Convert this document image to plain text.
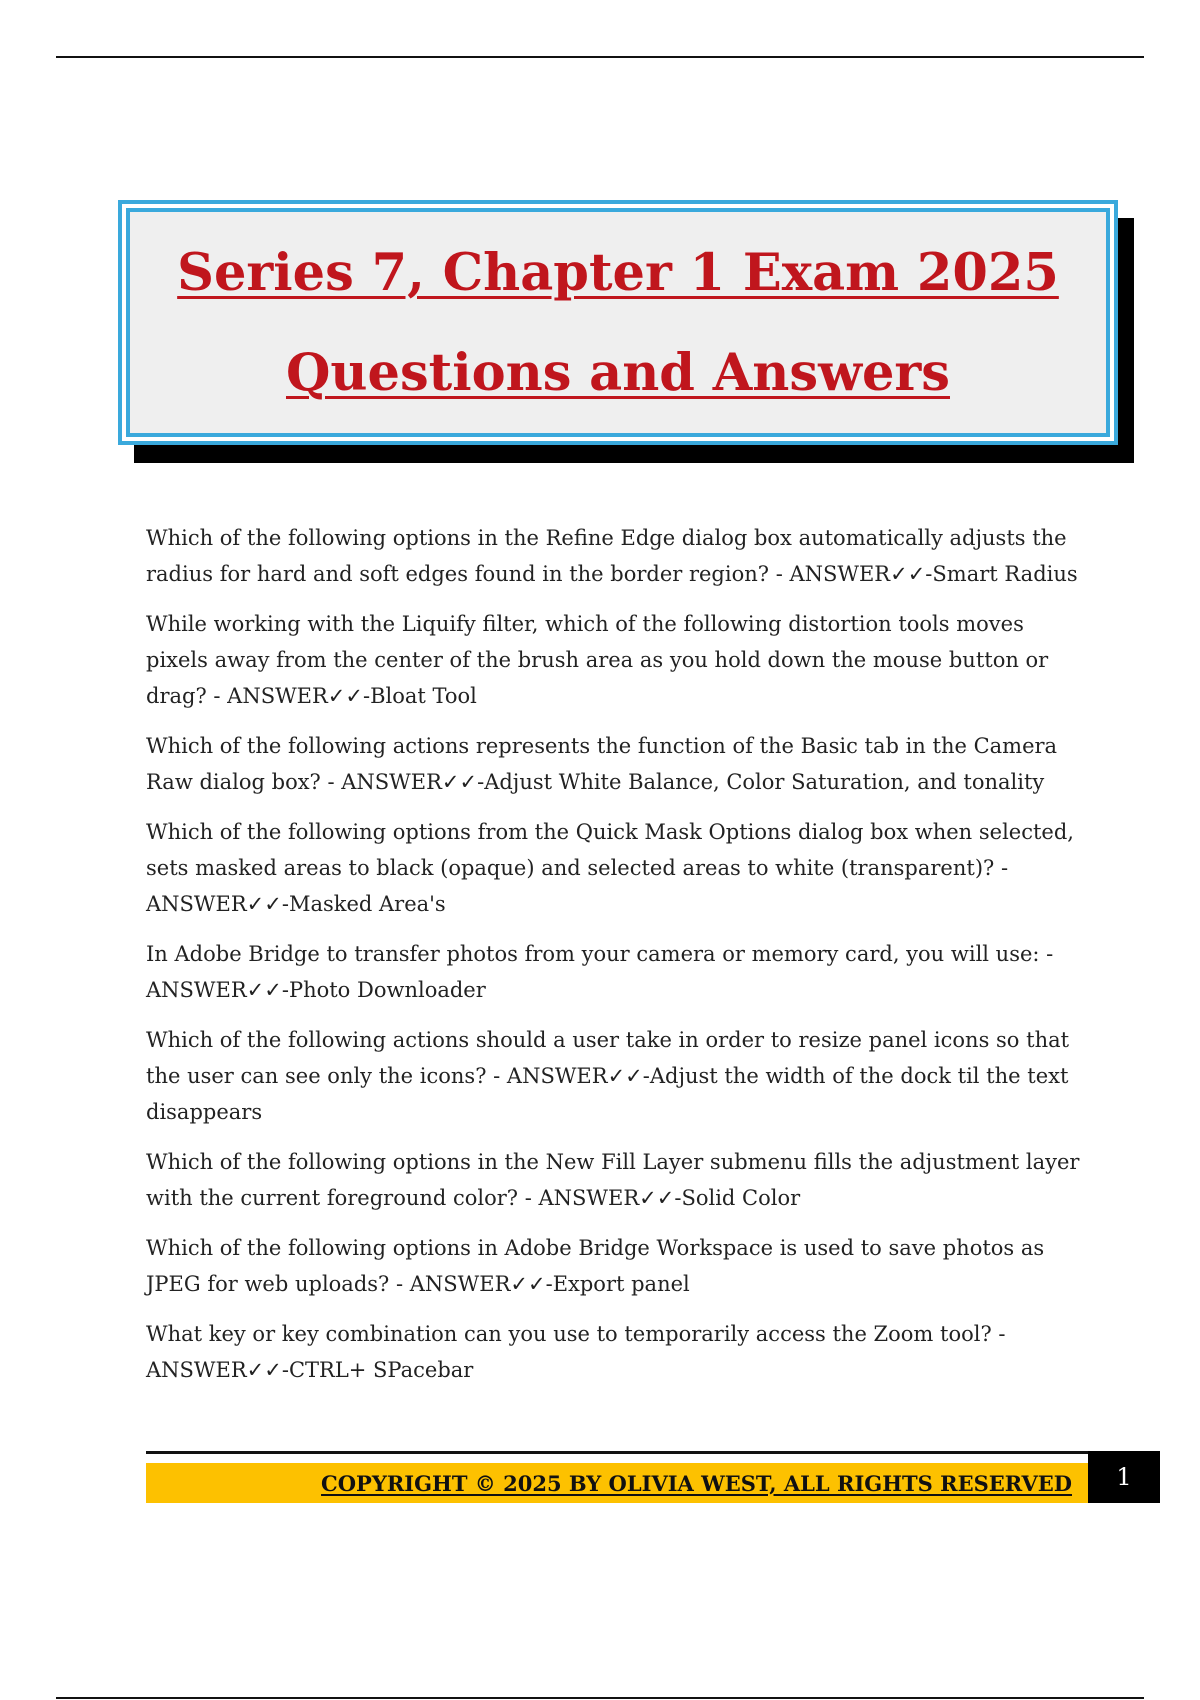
Series 7, Chapter 1 Exam 2025
Questions and Answers

Which of the following options in the Refine Edge dialog box automatically adjusts the radius for hard and soft edges found in the border region? - ANSWER✓✓-Smart Radius

While working with the Liquify filter, which of the following distortion tools moves pixels away from the center of the brush area as you hold down the mouse button or drag? - ANSWER✓✓-Bloat Tool

Which of the following actions represents the function of the Basic tab in the Camera Raw dialog box? - ANSWER✓✓-Adjust White Balance, Color Saturation, and tonality

Which of the following options from the Quick Mask Options dialog box when selected, sets masked areas to black (opaque) and selected areas to white (transparent)? - ANSWER✓✓-Masked Area's

In Adobe Bridge to transfer photos from your camera or memory card, you will use: - ANSWER✓✓-Photo Downloader

Which of the following actions should a user take in order to resize panel icons so that the user can see only the icons? - ANSWER✓✓-Adjust the width of the dock til the text disappears

Which of the following options in the New Fill Layer submenu fills the adjustment layer with the current foreground color? - ANSWER✓✓-Solid Color

Which of the following options in Adobe Bridge Workspace is used to save photos as JPEG for web uploads? - ANSWER✓✓-Export panel

What key or key combination can you use to temporarily access the Zoom tool? - ANSWER✓✓-CTRL+ SPacebar

COPYRIGHT © 2025 BY OLIVIA WEST, ALL RIGHTS RESERVED	1
